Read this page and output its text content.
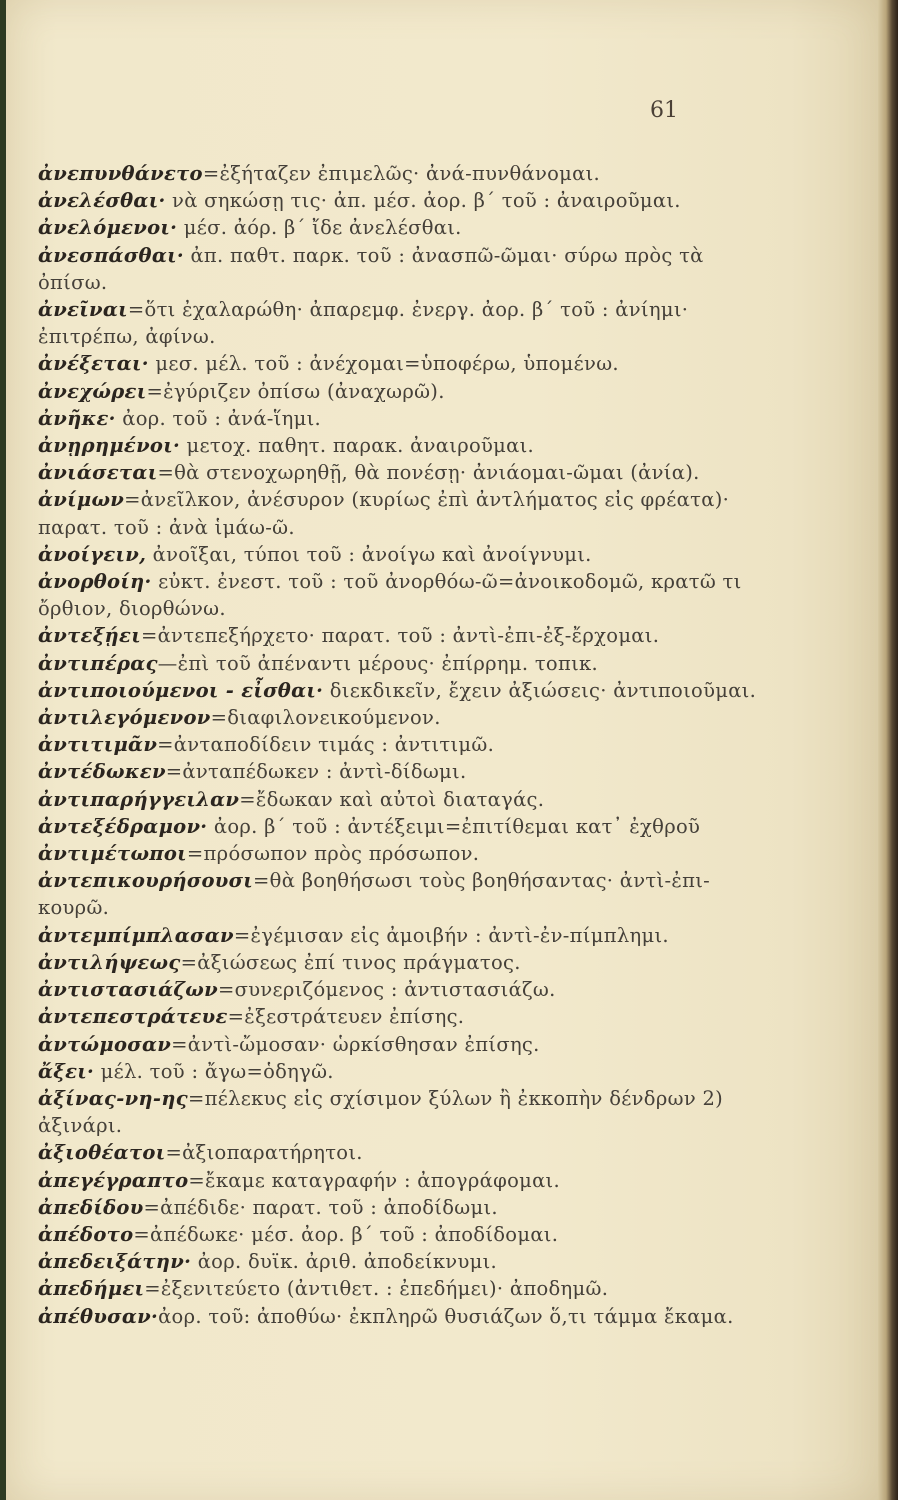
61

ἀνεπυνθάνετο=ἐξήταζεν ἐπιμελῶς· ἀνά-πυνθάνομαι.

ἀνελέσθαι· νὰ σηκώσῃ τις· ἀπ. μέσ. ἀορ. β΄ τοῦ : ἀναιροῦμαι.

ἀνελόμενοι· μέσ. ἀόρ. β΄ ἴδε ἀνελέσθαι.

ἀνεσπάσθαι· ἀπ. παθτ. παρκ. τοῦ : ἀνασπῶ-ῶμαι· σύρω πρὸς τὰ ὀπίσω.

ἀνεῖναι=ὅτι ἐχαλαρώθη· ἀπαρεμφ. ἐνεργ. ἀορ. β΄ τοῦ : ἀνίημι· ἐπιτρέπω, ἀφίνω.

ἀνέξεται· μεσ. μέλ. τοῦ : ἀνέχομαι=ὑποφέρω, ὑπομένω.

ἀνεχώρει=ἐγύριζεν ὀπίσω (ἀναχωρῶ).

ἀνῆκε· ἀορ. τοῦ : ἀνά-ἵημι.

ἀνῃρημένοι· μετοχ. παθητ. παρακ. ἀναιροῦμαι.

ἀνιάσεται=θὰ στενοχωρηθῇ, θὰ πονέσῃ· ἀνιάομαι-ῶμαι (ἀνία).

ἀνίμων=ἀνεῖλκον, ἀνέσυρον (κυρίως ἐπὶ ἀντλήματος εἰς φρέατα)· παρατ. τοῦ : ἀνὰ ἱμάω-ῶ.

ἀνοίγειν, ἀνοῖξαι, τύποι τοῦ : ἀνοίγω καὶ ἀνοίγνυμι.

ἀνορθοίη· εὐκτ. ἐνεστ. τοῦ : τοῦ ἀνορθόω-ῶ=ἀνοικοδομῶ, κρατῶ τι ὄρθιον, διορθώνω.

ἀντεξῄει=ἀντεπεξήρχετο· παρατ. τοῦ : ἀντὶ-ἐπι-ἐξ-ἔρχομαι.

ἀντιπέρας—ἐπὶ τοῦ ἀπέναντι μέρους· ἐπίρρημ. τοπικ.

ἀντιποιούμενοι - εἶσθαι· διεκδικεῖν, ἔχειν ἀξιώσεις· ἀντιποιοῦμαι.

ἀντιλεγόμενον=διαφιλονεικούμενον.

ἀντιτιμᾶν=ἀνταποδίδειν τιμάς : ἀντιτιμῶ.

ἀντέδωκεν=ἀνταπέδωκεν : ἀντὶ-δίδωμι.

ἀντιπαρήγγειλαν=ἔδωκαν καὶ αὐτοὶ διαταγάς.

ἀντεξέδραμον· ἀορ. β΄ τοῦ : ἀντέξειμι=ἐπιτίθεμαι κατ᾽ ἐχθροῦ

ἀντιμέτωποι=πρόσωπον πρὸς πρόσωπον.

ἀντεπικουρήσουσι=θὰ βοηθήσωσι τοὺς βοηθήσαντας· ἀντὶ-ἐπι-κουρῶ.

ἀντεμπίμπλασαν=ἐγέμισαν εἰς ἀμοιβήν : ἀντὶ-ἐν-πίμπλημι.

ἀντιλήψεως=ἀξιώσεως ἐπί τινος πράγματος.

ἀντιστασιάζων=συνεριζόμενος : ἀντιστασιάζω.

ἀντεπεστράτευε=ἐξεστράτευεν ἐπίσης.

ἀντώμοσαν=ἀντὶ-ὤμοσαν· ὡρκίσθησαν ἐπίσης.

ἄξει· μέλ. τοῦ : ἄγω=ὁδηγῶ.

ἀξίνας-νη-ης=πέλεκυς εἰς σχίσιμον ξύλων ἢ ἐκκοπὴν δένδρων 2) ἀξινάρι.

ἀξιοθέατοι=ἀξιοπαρατήρητοι.

ἀπεγέγραπτο=ἔκαμε καταγραφήν : ἀπογράφομαι.

ἀπεδίδου=ἀπέδιδε· παρατ. τοῦ : ἀποδίδωμι.

ἀπέδοτο=ἀπέδωκε· μέσ. ἀορ. β΄ τοῦ : ἀποδίδομαι.

ἀπεδειξάτην· ἀορ. δυϊκ. ἀριθ. ἀποδείκνυμι.

ἀπεδήμει=ἐξενιτεύετο (ἀντιθετ. : ἐπεδήμει)· ἀποδημῶ.

ἀπέθυσαν·ἀορ. τοῦ: ἀποθύω· ἐκπληρῶ θυσιάζων ὅ,τι τάμμα ἔκαμα.
